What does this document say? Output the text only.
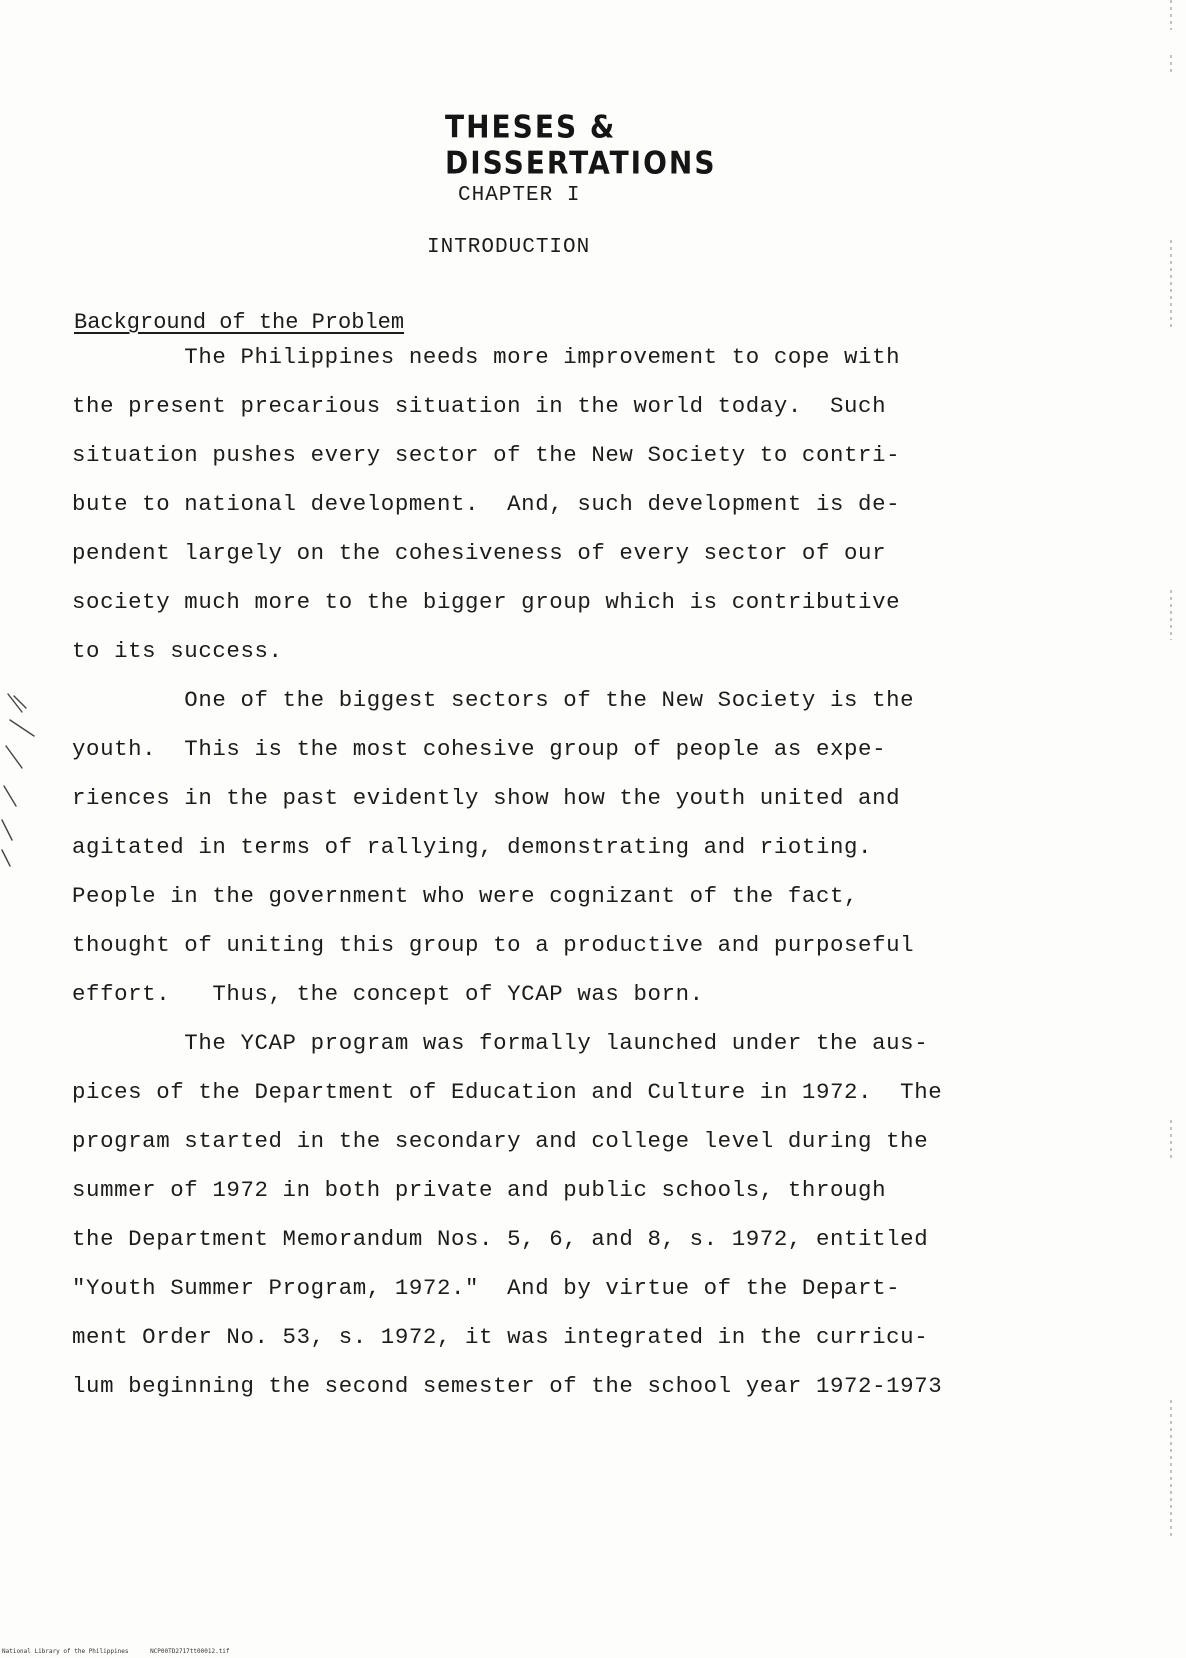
THESES & DISSERTATIONS
CHAPTER I
INTRODUCTION
Background of the Problem
The Philippines needs more improvement to cope with
the present precarious situation in the world today.  Such
situation pushes every sector of the New Society to contri-
bute to national development.  And, such development is de-
pendent largely on the cohesiveness of every sector of our
society much more to the bigger group which is contributive
to its success.
One of the biggest sectors of the New Society is the
youth.  This is the most cohesive group of people as expe-
riences in the past evidently show how the youth united and
agitated in terms of rallying, demonstrating and rioting.
People in the government who were cognizant of the fact,
thought of uniting this group to a productive and purposeful
effort.   Thus, the concept of YCAP was born.
The YCAP program was formally launched under the aus-
pices of the Department of Education and Culture in 1972.  The
program started in the secondary and college level during the
summer of 1972 in both private and public schools, through
the Department Memorandum Nos. 5, 6, and 8, s. 1972, entitled
"Youth Summer Program, 1972."  And by virtue of the Depart-
ment Order No. 53, s. 1972, it was integrated in the curricu-
lum beginning the second semester of the school year 1972-1973
National Library of the Philippines	NCP00TD2717tt00012.tif
